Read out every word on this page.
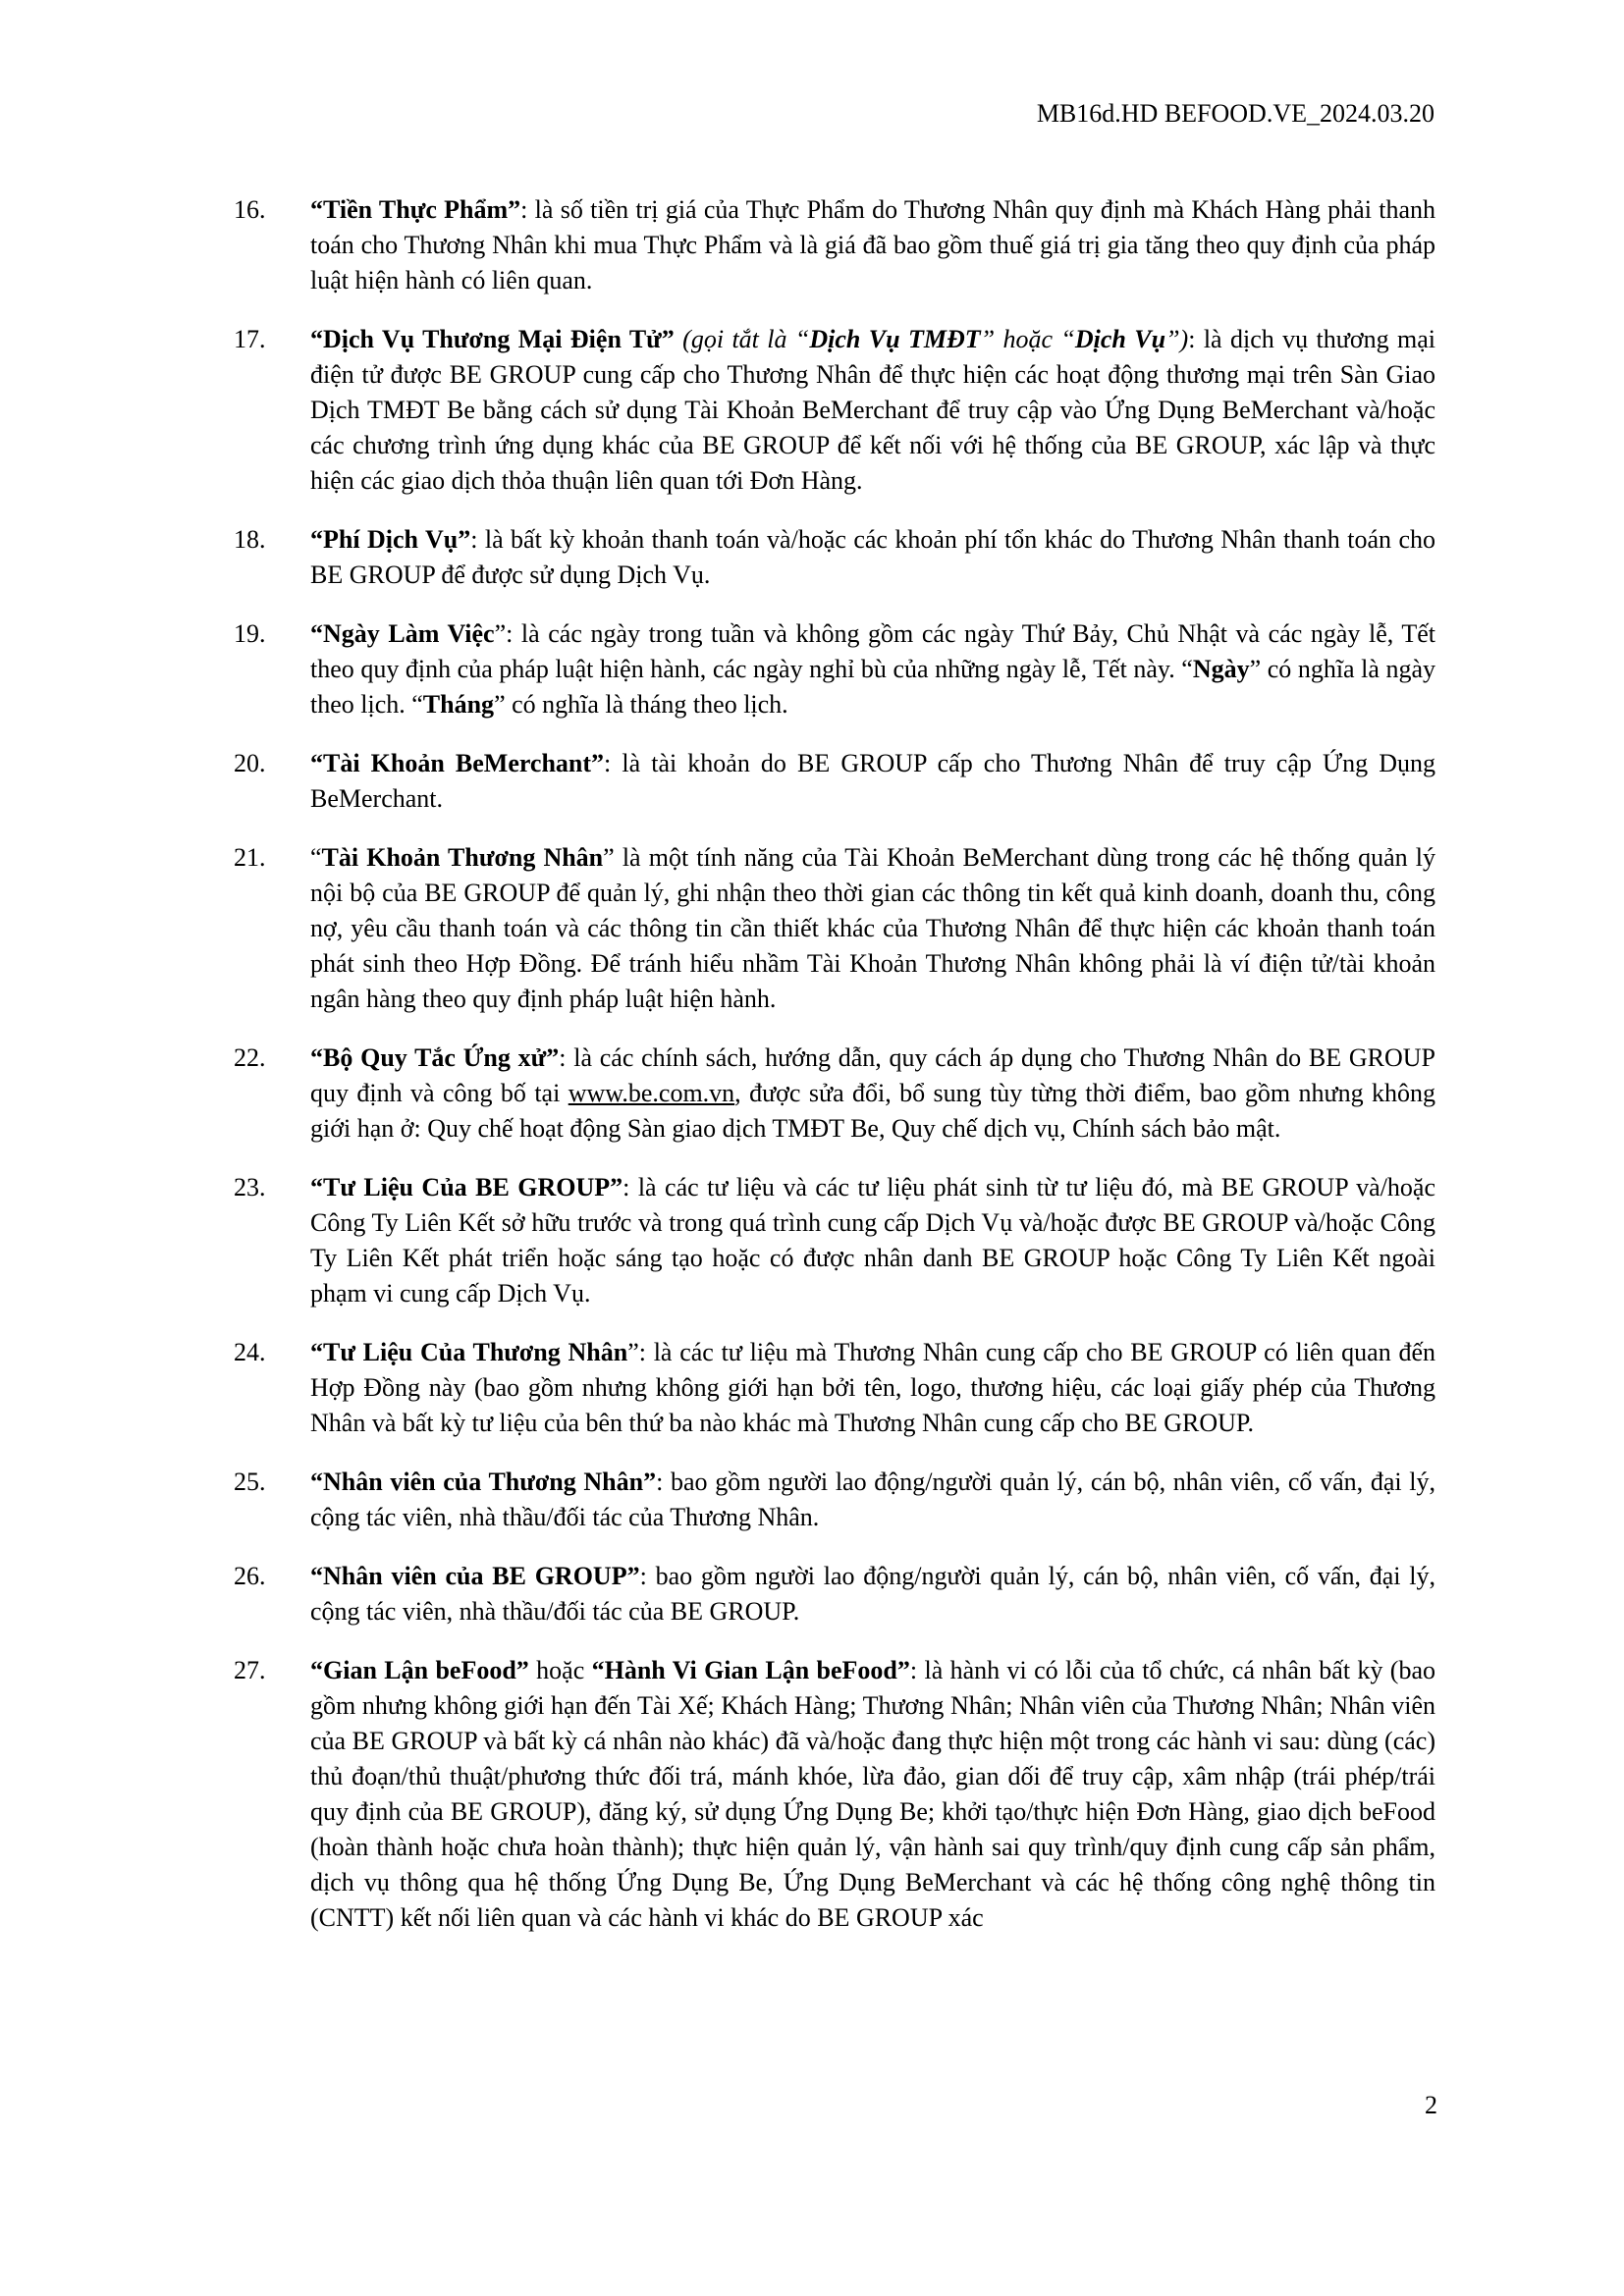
MB16d.HD BEFOOD.VE_2024.03.20
16.	“Tiền Thực Phẩm”: là số tiền trị giá của Thực Phẩm do Thương Nhân quy định mà Khách Hàng phải thanh toán cho Thương Nhân khi mua Thực Phẩm và là giá đã bao gồm thuế giá trị gia tăng theo quy định của pháp luật hiện hành có liên quan.
17.	“Dịch Vụ Thương Mại Điện Tử” (gọi tắt là “Dịch Vụ TMĐT” hoặc “Dịch Vụ”): là dịch vụ thương mại điện tử được BE GROUP cung cấp cho Thương Nhân để thực hiện các hoạt động thương mại trên Sàn Giao Dịch TMĐT Be bằng cách sử dụng Tài Khoản BeMerchant để truy cập vào Ứng Dụng BeMerchant và/hoặc các chương trình ứng dụng khác của BE GROUP để kết nối với hệ thống của BE GROUP, xác lập và thực hiện các giao dịch thỏa thuận liên quan tới Đơn Hàng.
18.	“Phí Dịch Vụ”: là bất kỳ khoản thanh toán và/hoặc các khoản phí tổn khác do Thương Nhân thanh toán cho BE GROUP để được sử dụng Dịch Vụ.
19.	“Ngày Làm Việc”: là các ngày trong tuần và không gồm các ngày Thứ Bảy, Chủ Nhật và các ngày lễ, Tết theo quy định của pháp luật hiện hành, các ngày nghỉ bù của những ngày lễ, Tết này. “Ngày” có nghĩa là ngày theo lịch. “Tháng” có nghĩa là tháng theo lịch.
20.	“Tài Khoản BeMerchant”: là tài khoản do BE GROUP cấp cho Thương Nhân để truy cập Ứng Dụng BeMerchant.
21.	“Tài Khoản Thương Nhân” là một tính năng của Tài Khoản BeMerchant dùng trong các hệ thống quản lý nội bộ của BE GROUP để quản lý, ghi nhận theo thời gian các thông tin kết quả kinh doanh, doanh thu, công nợ, yêu cầu thanh toán và các thông tin cần thiết khác của Thương Nhân để thực hiện các khoản thanh toán phát sinh theo Hợp Đồng. Để tránh hiểu nhầm Tài Khoản Thương Nhân không phải là ví điện tử/tài khoản ngân hàng theo quy định pháp luật hiện hành.
22.	“Bộ Quy Tắc Ứng xử”: là các chính sách, hướng dẫn, quy cách áp dụng cho Thương Nhân do BE GROUP quy định và công bố tại www.be.com.vn, được sửa đổi, bổ sung tùy từng thời điểm, bao gồm nhưng không giới hạn ở: Quy chế hoạt động Sàn giao dịch TMĐT Be, Quy chế dịch vụ, Chính sách bảo mật.
23.	“Tư Liệu Của BE GROUP”: là các tư liệu và các tư liệu phát sinh từ tư liệu đó, mà BE GROUP và/hoặc Công Ty Liên Kết sở hữu trước và trong quá trình cung cấp Dịch Vụ và/hoặc được BE GROUP và/hoặc Công Ty Liên Kết phát triển hoặc sáng tạo hoặc có được nhân danh BE GROUP hoặc Công Ty Liên Kết ngoài phạm vi cung cấp Dịch Vụ.
24.	“Tư Liệu Của Thương Nhân”: là các tư liệu mà Thương Nhân cung cấp cho BE GROUP có liên quan đến Hợp Đồng này (bao gồm nhưng không giới hạn bởi tên, logo, thương hiệu, các loại giấy phép của Thương Nhân và bất kỳ tư liệu của bên thứ ba nào khác mà Thương Nhân cung cấp cho BE GROUP.
25.	“Nhân viên của Thương Nhân”: bao gồm người lao động/người quản lý, cán bộ, nhân viên, cố vấn, đại lý, cộng tác viên, nhà thầu/đối tác của Thương Nhân.
26.	“Nhân viên của BE GROUP”: bao gồm người lao động/người quản lý, cán bộ, nhân viên, cố vấn, đại lý, cộng tác viên, nhà thầu/đối tác của BE GROUP.
27.	“Gian Lận beFood” hoặc “Hành Vi Gian Lận beFood”: là hành vi có lỗi của tổ chức, cá nhân bất kỳ (bao gồm nhưng không giới hạn đến Tài Xế; Khách Hàng; Thương Nhân; Nhân viên của Thương Nhân; Nhân viên của BE GROUP và bất kỳ cá nhân nào khác) đã và/hoặc đang thực hiện một trong các hành vi sau: dùng (các) thủ đoạn/thủ thuật/phương thức đối trá, mánh khóe, lừa đảo, gian dối để truy cập, xâm nhập (trái phép/trái quy định của BE GROUP), đăng ký, sử dụng Ứng Dụng Be; khởi tạo/thực hiện Đơn Hàng, giao dịch beFood (hoàn thành hoặc chưa hoàn thành); thực hiện quản lý, vận hành sai quy trình/quy định cung cấp sản phẩm, dịch vụ thông qua hệ thống Ứng Dụng Be, Ứng Dụng BeMerchant và các hệ thống công nghệ thông tin (CNTT) kết nối liên quan và các hành vi khác do BE GROUP xác
2
